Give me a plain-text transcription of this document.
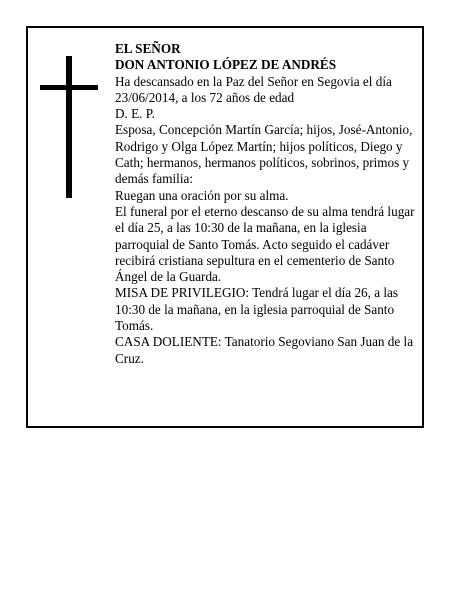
EL SEÑOR

DON ANTONIO LÓPEZ DE ANDRÉS

Ha descansado en la Paz del Señor en Segovia el día 23/06/2014, a los 72 años de edad

D. E. P.

Esposa, Concepción Martín García; hijos, José-Antonio, Rodrigo y Olga López Martín; hijos políticos, Diego y Cath; hermanos, hermanos políticos, sobrinos, primos y demás familia:

Ruegan una oración por su alma.

El funeral por el eterno descanso de su alma tendrá lugar el día 25, a las 10:30 de la mañana, en la iglesia parroquial de Santo Tomás. Acto seguido el cadáver recibirá cristiana sepultura en el cementerio de Santo Ángel de la Guarda.

MISA DE PRIVILEGIO: Tendrá lugar el día 26, a las 10:30 de la mañana, en la iglesia parroquial de Santo Tomás.

CASA DOLIENTE: Tanatorio Segoviano San Juan de la Cruz.
